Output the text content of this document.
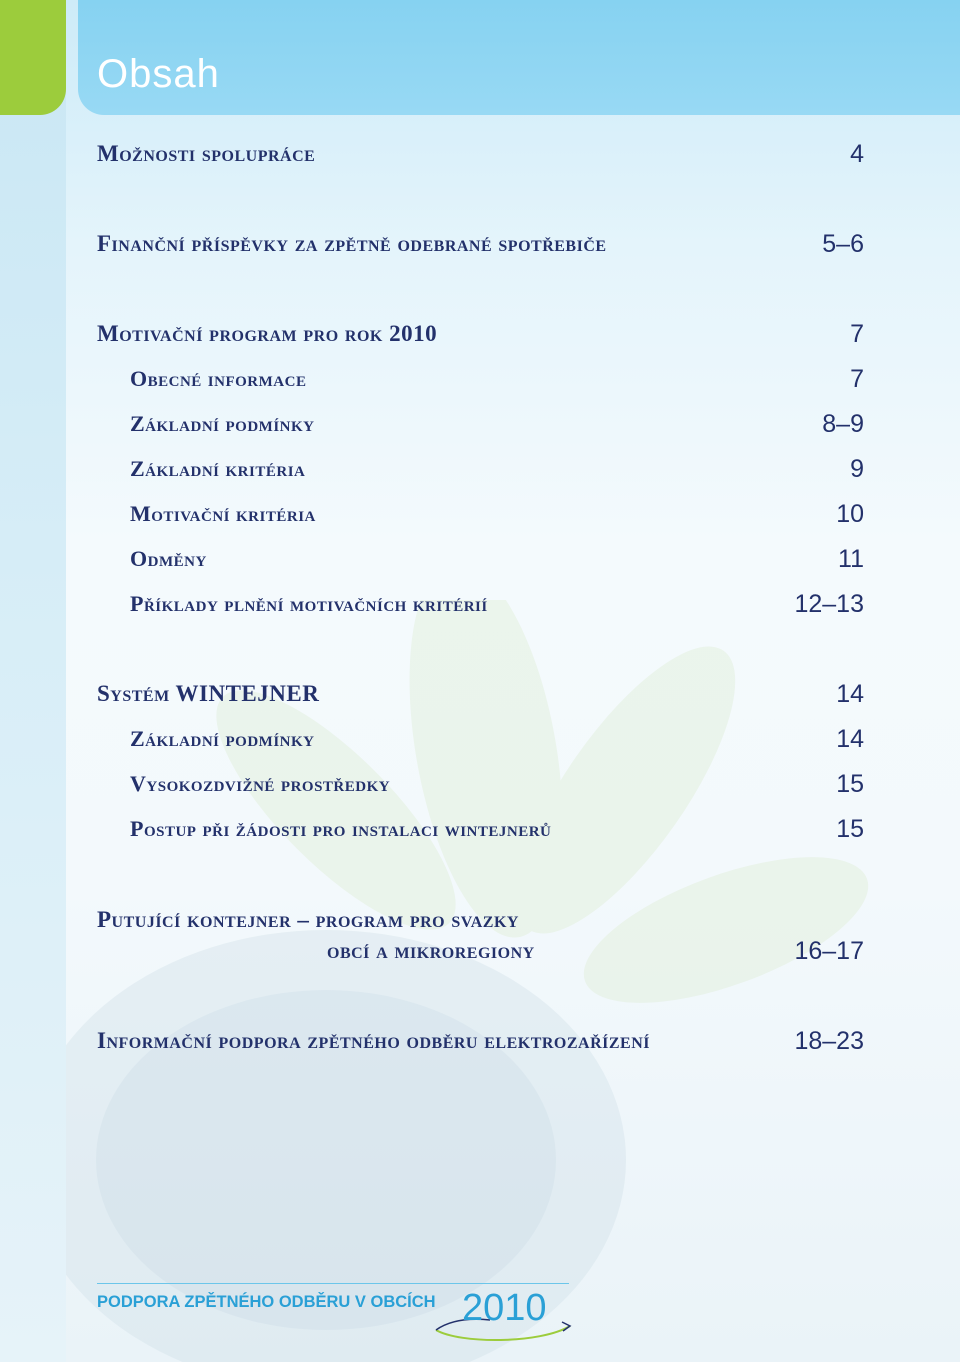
Obsah
Možnosti spolupráce	4
Finanční příspěvky za zpětně odebrané spotřebiče	5–6
Motivační program pro rok 2010	7
Obecné informace	7
Základní podmínky	8–9
Základní kritéria	9
Motivační kritéria	10
Odměny	11
Příklady plnění motivačních kritérií	12–13
Systém WINTEJNER	14
Základní podmínky	14
Vysokozdvižné prostředky	15
Postup při žádosti pro instalaci wintejnerů	15
Putující kontejner – program pro svazky
obcí a mikroregiony	16–17
Informační podpora zpětného odběru elektrozařízení	18–23
PODPORA ZPĚTNÉHO ODBĚRU V OBCÍCH 2010
